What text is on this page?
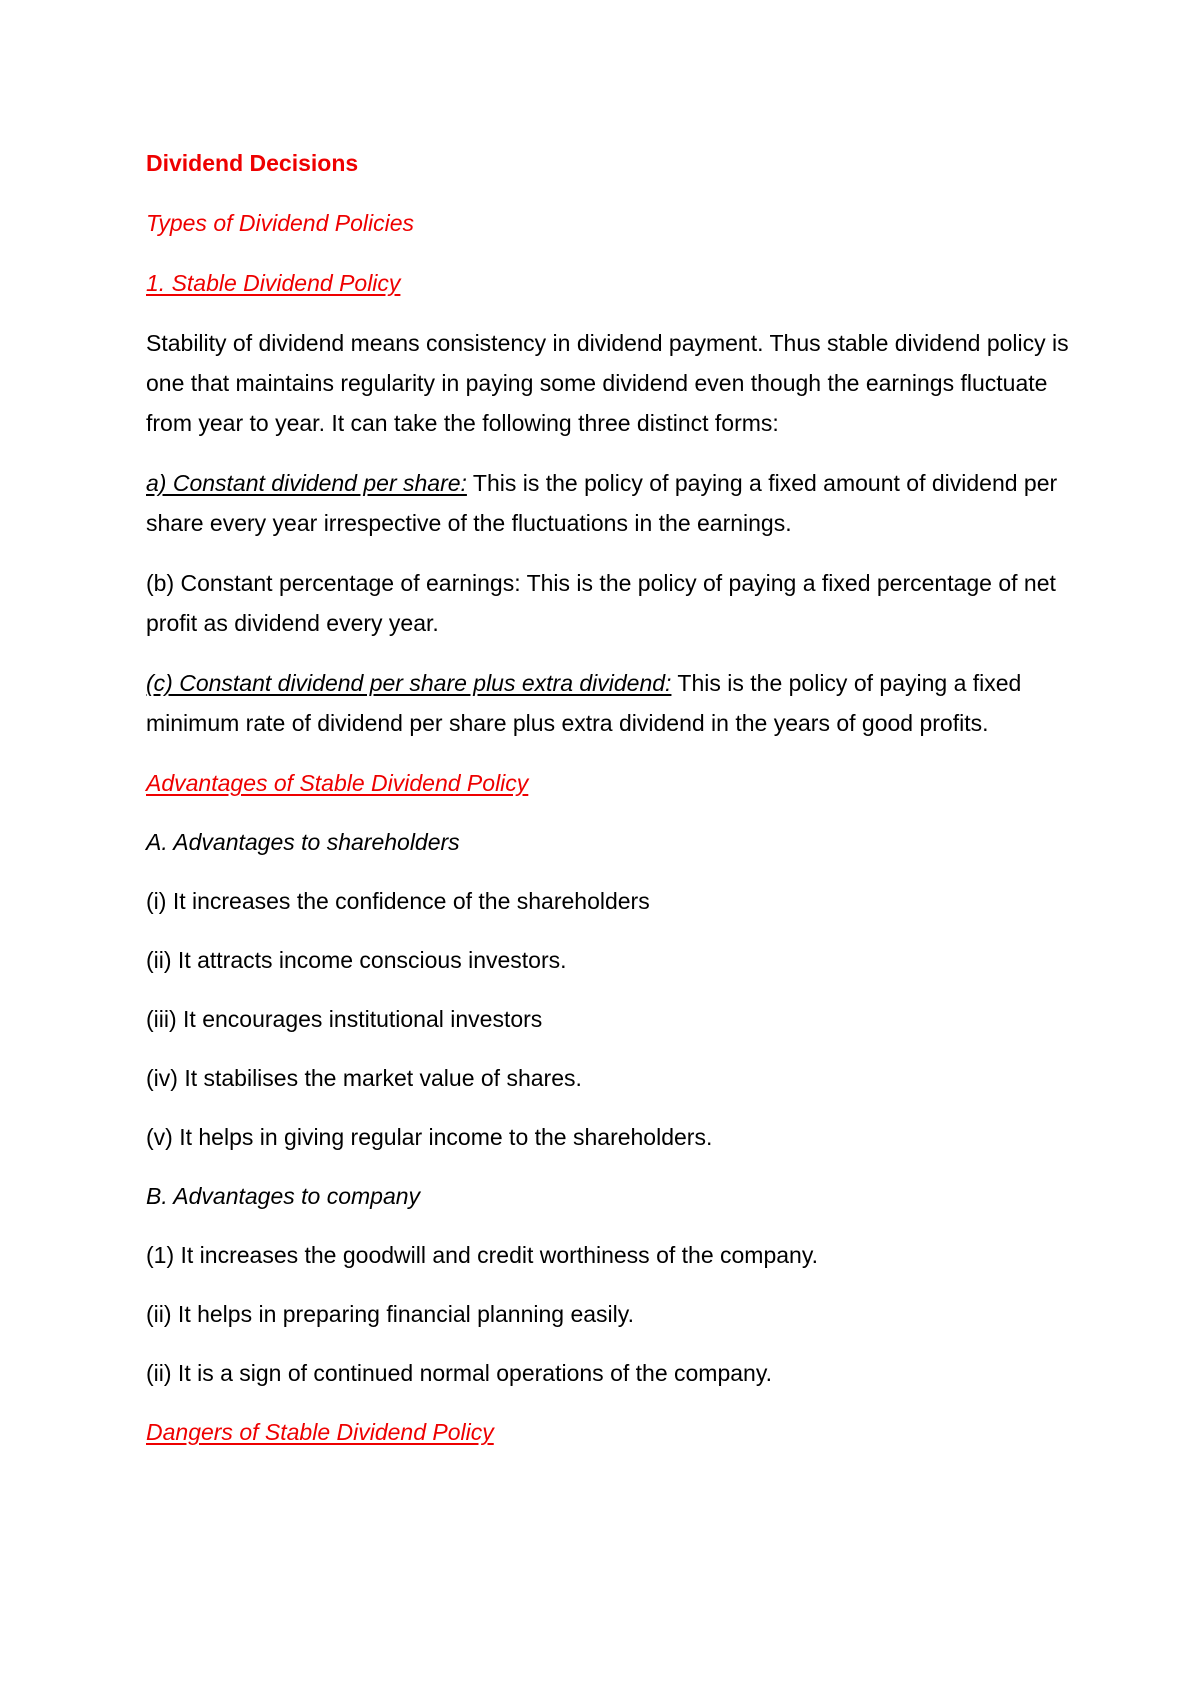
Dividend Decisions

Types of Dividend Policies

1. Stable Dividend Policy

Stability of dividend means consistency in dividend payment. Thus stable dividend policy is one that maintains regularity in paying some dividend even though the earnings fluctuate from year to year. It can take the following three distinct forms:

a) Constant dividend per share: This is the policy of paying a fixed amount of dividend per share every year irrespective of the fluctuations in the earnings.

(b) Constant percentage of earnings: This is the policy of paying a fixed percentage of net profit as dividend every year.

(c) Constant dividend per share plus extra dividend: This is the policy of paying a fixed minimum rate of dividend per share plus extra dividend in the years of good profits.

Advantages of Stable Dividend Policy

A. Advantages to shareholders

(i) It increases the confidence of the shareholders

(ii) It attracts income conscious investors.

(iii) It encourages institutional investors

(iv) It stabilises the market value of shares.

(v) It helps in giving regular income to the shareholders.

B. Advantages to company

(1) It increases the goodwill and credit worthiness of the company.

(ii) It helps in preparing financial planning easily.

(ii) It is a sign of continued normal operations of the company.

Dangers of Stable Dividend Policy
